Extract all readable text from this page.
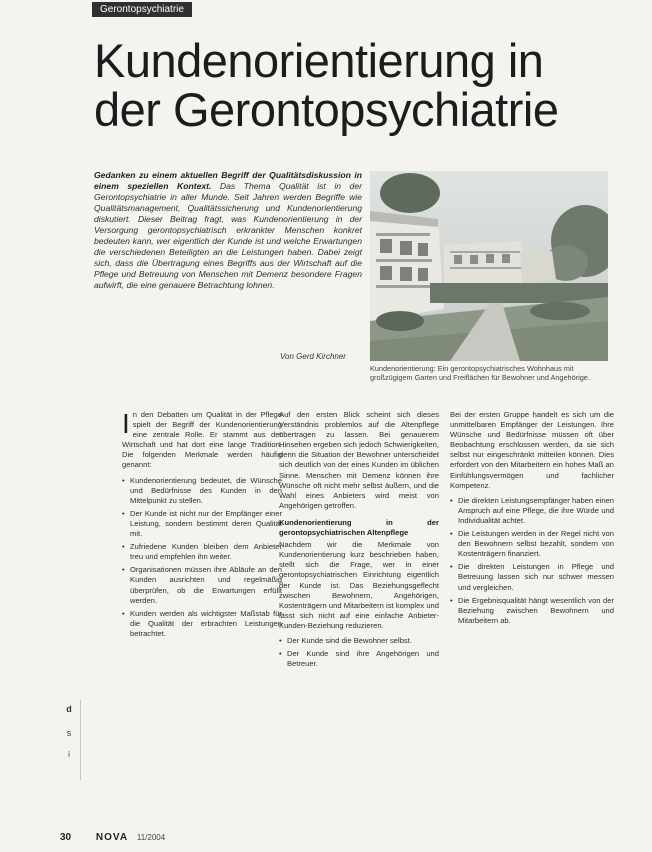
Gerontopsychiatrie
Kundenorientierung in
der Gerontopsychiatrie

Gedanken zu einem aktuellen Begriff der Qualitätsdiskussion in einem speziellen Kontext. Das Thema Qualität ist in der Gerontopsychiatrie in aller Munde. Seit Jahren werden Begriffe wie Qualitätsmanagement, Qualitätssicherung und Kundenorientierung diskutiert. Dieser Beitrag fragt, was Kundenorientierung in der Versorgung gerontopsychiatrisch erkrankter Menschen konkret bedeuten kann, wer eigentlich der Kunde ist und welche Erwartungen die verschiedenen Beteiligten an die Leistungen haben. Dabei zeigt sich, dass die Übertragung eines Begriffs aus der Wirtschaft auf die Pflege und Betreuung von Menschen mit Demenz besondere Fragen aufwirft, die eine genauere Betrachtung lohnen.

Von Gerd Kirchner
Kundenorientierung: Ein gerontopsychiatrisches Wohnhaus mit großzügigem Garten und Freiflächen für Bewohner und Angehörige.

In den Debatten um Qualität in der Pflege spielt der Begriff der Kundenorientierung eine zentrale Rolle. Er stammt aus der Wirtschaft und hat dort eine lange Tradition. Die folgenden Merkmale werden häufig genannt:

• Kundenorientierung bedeutet, die Wünsche und Bedürfnisse des Kunden in den Mittelpunkt zu stellen.
• Der Kunde ist nicht nur der Empfänger einer Leistung, sondern bestimmt deren Qualität mit.
• Zufriedene Kunden bleiben dem Anbieter treu und empfehlen ihn weiter.
• Organisationen müssen ihre Abläufe an den Kunden ausrichten und regelmäßig überprüfen, ob die Erwartungen erfüllt werden.
• Kunden werden als wichtigster Maßstab für die Qualität der erbrachten Leistungen betrachtet.

Auf den ersten Blick scheint sich dieses Verständnis problemlos auf die Altenpflege übertragen zu lassen. Bei genauerem Hinsehen ergeben sich jedoch Schwierigkeiten, denn die Situation der Bewohner unterscheidet sich deutlich von der eines Kunden im üblichen Sinne. Menschen mit Demenz können ihre Wünsche oft nicht mehr selbst äußern, und die Wahl eines Anbieters wird meist von Angehörigen getroffen.

Kundenorientierung in der gerontopsychiatrischen Altenpflege

Nachdem wir die Merkmale von Kundenorientierung kurz beschrieben haben, stellt sich die Frage, wer in einer gerontopsychiatrischen Einrichtung eigentlich der Kunde ist. Das Beziehungsgeflecht zwischen Bewohnern, Angehörigen, Kostenträgern und Mitarbeitern ist komplex und lässt sich nicht auf eine einfache Anbieter-Kunden-Beziehung reduzieren.

• Der Kunde sind die Bewohner selbst.
• Der Kunde sind ihre Angehörigen und Betreuer.

Bei der ersten Gruppe handelt es sich um die unmittelbaren Empfänger der Leistungen. Ihre Wünsche und Bedürfnisse müssen oft über Beobachtung erschlossen werden, da sie sich selbst nur eingeschränkt mitteilen können. Dies erfordert von den Mitarbeitern ein hohes Maß an Einfühlungsvermögen und fachlicher Kompetenz.

• Die direkten Leistungsempfänger haben einen Anspruch auf eine Pflege, die ihre Würde und Individualität achtet.
• Die Leistungen werden in der Regel nicht von den Bewohnern selbst bezahlt, sondern von Kostenträgern finanziert.
• Die direkten Leistungen in Pflege und Betreuung lassen sich nur schwer messen und vergleichen.
• Die Ergebnisqualität hängt wesentlich von der Beziehung zwischen Bewohnern und Mitarbeitern ab.
d
s
i
30 NOVA 11/2004
